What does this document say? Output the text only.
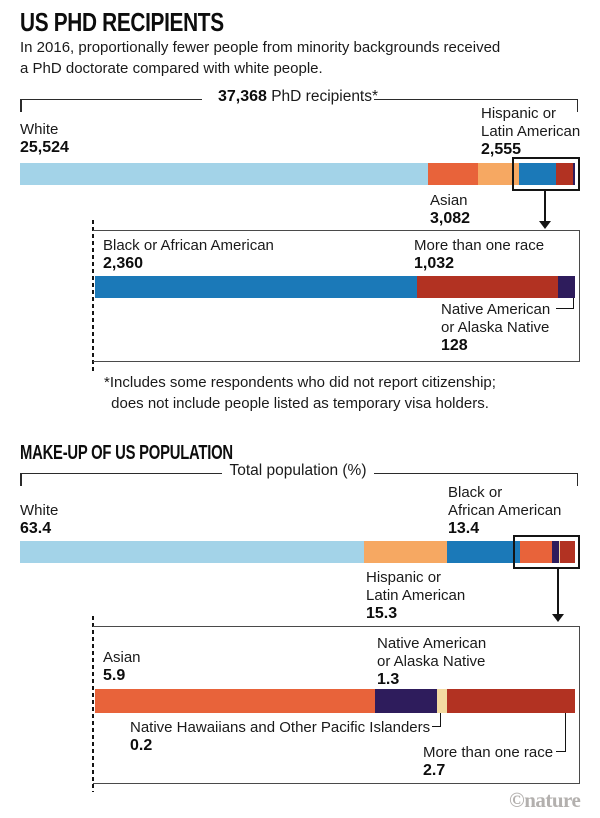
US PHD RECIPIENTS
In 2016, proportionally fewer people from minority backgrounds received
a PhD doctorate compared with white people.
37,368 PhD recipients*
White
25,524
Hispanic or
Latin American
2,555
Asian
3,082
Black or African American
2,360
More than one race
1,032
Native American
or Alaska Native
128
*Includes some respondents who did not report citizenship;
does not include people listed as temporary visa holders.
MAKE-UP OF US POPULATION
Total population (%)
White
63.4
Black or
African American
13.4
Hispanic or
Latin American
15.3
Asian
5.9
Native American
or Alaska Native
1.3
Native Hawaiians and Other Pacific Islanders
0.2	More than one race
2.7
©nature
